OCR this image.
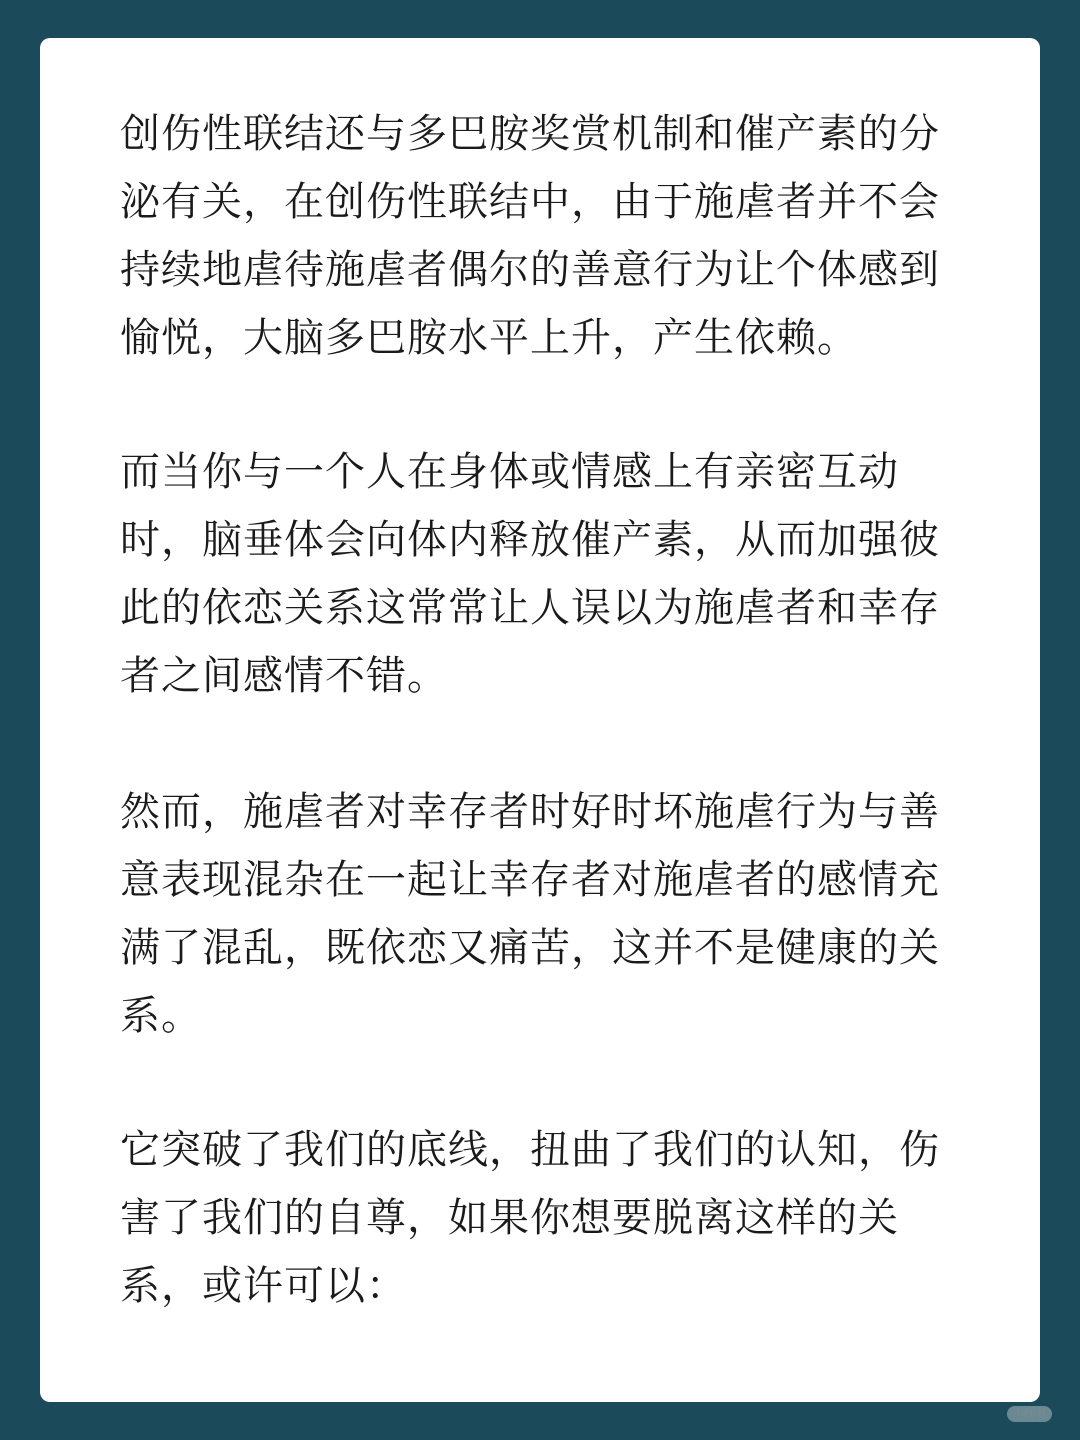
创伤性联结还与多巴胺奖赏机制和催产素的分泌有关，在创伤性联结中，由于施虐者并不会持续地虐待施虐者偶尔的善意行为让个体感到愉悦，大脑多巴胺水平上升，产生依赖。

而当你与一个人在身体或情感上有亲密互动时，脑垂体会向体内释放催产素，从而加强彼此的依恋关系这常常让人误以为施虐者和幸存者之间感情不错。

然而，施虐者对幸存者时好时坏施虐行为与善意表现混杂在一起让幸存者对施虐者的感情充满了混乱，既依恋又痛苦，这并不是健康的关系。

它突破了我们的底线，扭曲了我们的认知，伤害了我们的自尊，如果你想要脱离这样的关系，或许可以：

小红书
